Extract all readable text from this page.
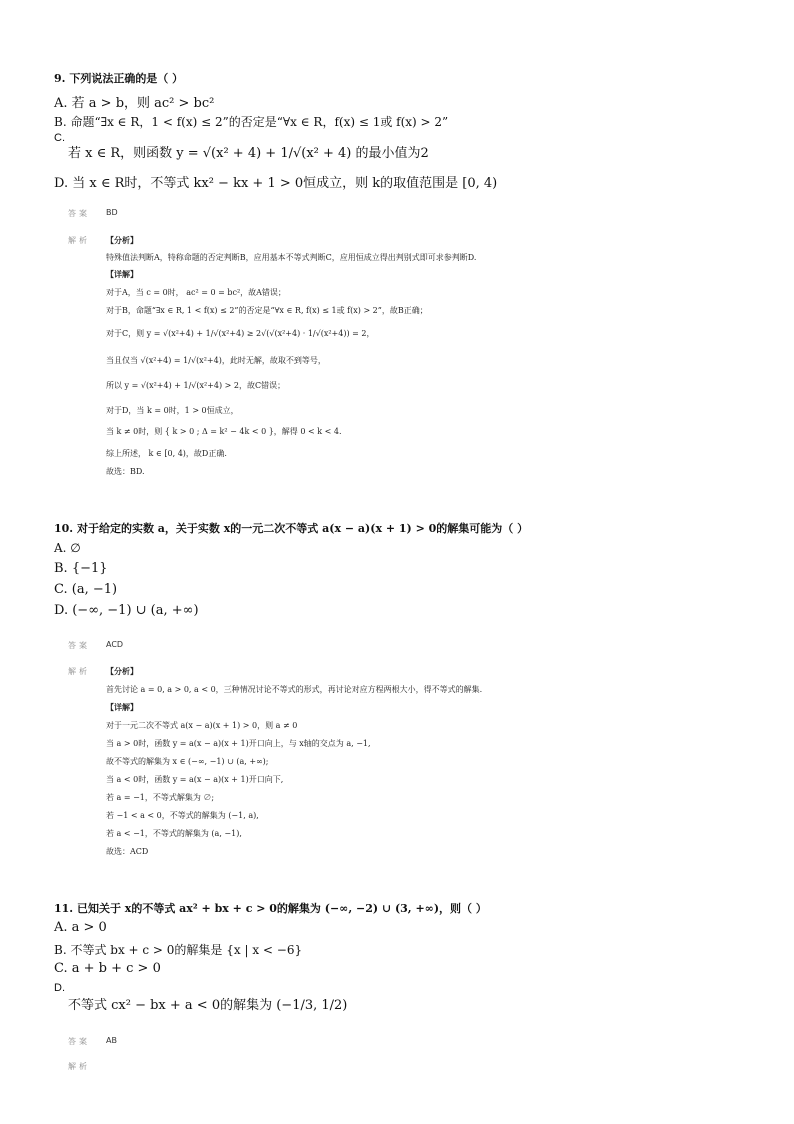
9. 下列说法正确的是（ ）
A. 若 a > b，则 ac² > bc²
B. 命题“∃x ∈ R，1 < f(x) ≤ 2”的否定是“∀x ∈ R，f(x) ≤ 1或 f(x) > 2”
C.
若 x ∈ R，则函数 y = √(x² + 4) + 1/√(x² + 4) 的最小值为2
D. 当 x ∈ R时，不等式 kx² − kx + 1 > 0恒成立，则 k的取值范围是 [0, 4)
答案 BD
解析 【分析】
特殊值法判断A，特称命题的否定判断B，应用基本不等式判断C，应用恒成立得出判别式即可求参判断D.
【详解】
对于A，当 c = 0时， ac² = 0 = bc²，故A错误；
对于B，命题“∃x ∈ R, 1 < f(x) ≤ 2”的否定是“∀x ∈ R, f(x) ≤ 1或 f(x) > 2”，故B正确；
对于C，则 y = √(x²+4) + 1/√(x²+4) ≥ 2√(√(x²+4) · 1/√(x²+4)) = 2，
当且仅当 √(x²+4) = 1/√(x²+4)，此时无解，故取不到等号，
所以 y = √(x²+4) + 1/√(x²+4) > 2，故C错误；
对于D，当 k = 0时，1 > 0恒成立，
当 k ≠ 0时，则 { k > 0 ; Δ = k² − 4k < 0 }，解得 0 < k < 4.
综上所述， k ∈ [0, 4)，故D正确.
故选：BD.
10. 对于给定的实数 a，关于实数 x的一元二次不等式 a(x − a)(x + 1) > 0的解集可能为（ ）
A. ∅
B. {−1}
C. (a, −1)
D. (−∞, −1) ∪ (a, +∞)
答案 ACD
解析 【分析】
首先讨论 a = 0, a > 0, a < 0，三种情况讨论不等式的形式，再讨论对应方程两根大小，得不等式的解集.
【详解】
对于一元二次不等式 a(x − a)(x + 1) > 0，则 a ≠ 0
当 a > 0时，函数 y = a(x − a)(x + 1)开口向上，与 x轴的交点为 a, −1,
故不等式的解集为 x ∈ (−∞, −1) ∪ (a, +∞);
当 a < 0时，函数 y = a(x − a)(x + 1)开口向下,
若 a = −1，不等式解集为 ∅;
若 −1 < a < 0，不等式的解集为 (−1, a),
若 a < −1，不等式的解集为 (a, −1),
故选：ACD
11. 已知关于 x的不等式 ax² + bx + c > 0的解集为 (−∞, −2) ∪ (3, +∞)，则（ ）
A. a > 0
B. 不等式 bx + c > 0的解集是 {x | x < −6}
C. a + b + c > 0
D.
不等式 cx² − bx + a < 0的解集为 (−1/3, 1/2)
答案 AB
解析
